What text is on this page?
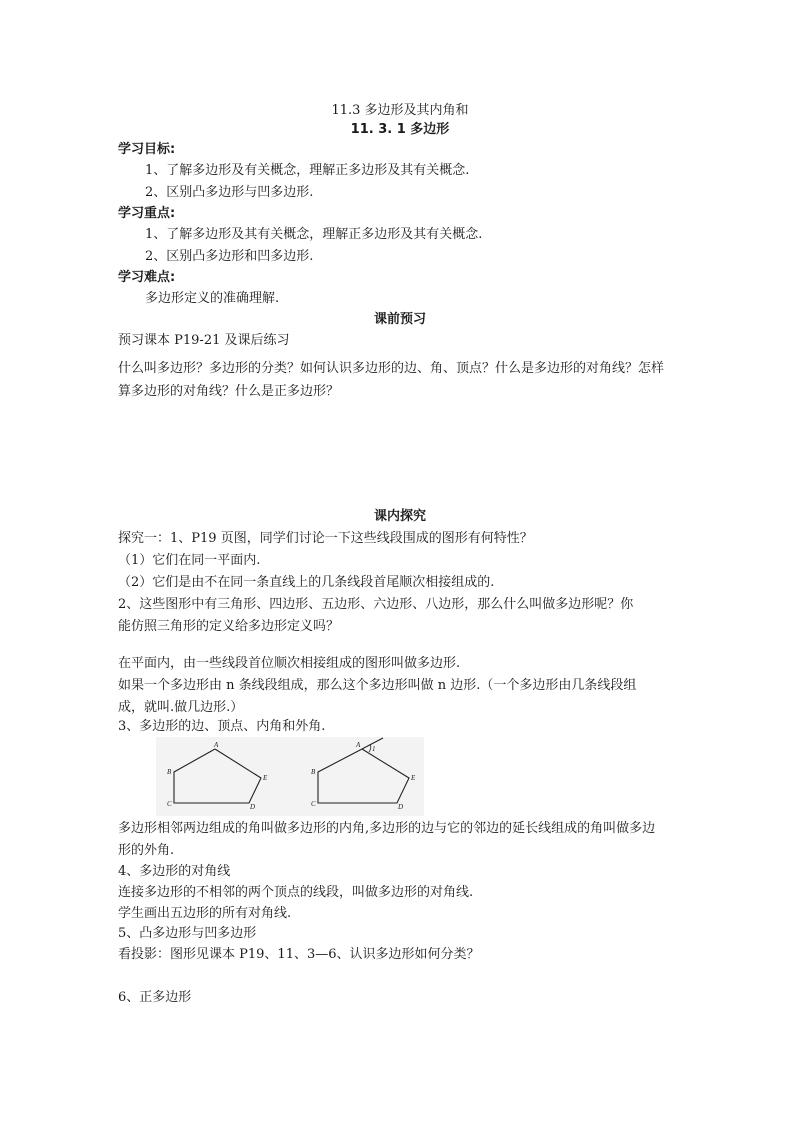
11.3 多边形及其内角和
11. 3. 1 多边形
学习目标:
1、了解多边形及有关概念，理解正多边形及其有关概念.
2、区别凸多边形与凹多边形.
学习重点:
1、了解多边形及其有关概念，理解正多边形及其有关概念.
2、区别凸多边形和凹多边形.
学习难点:
多边形定义的准确理解.
课前预习
预习课本 P19-21 及课后练习
什么叫多边形？多边形的分类？如何认识多边形的边、角、顶点？什么是多边形的对角线？怎样
算多边形的对角线？什么是正多边形？
课内探究
探究一：1、P19 页图，同学们讨论一下这些线段围成的图形有何特性？
（1）它们在同一平面内.
（2）它们是由不在同一条直线上的几条线段首尾顺次相接组成的.
2、这些图形中有三角形、四边形、五边形、六边形、八边形，那么什么叫做多边形呢？你
能仿照三角形的定义给多边形定义吗？
在平面内，由一些线段首位顺次相接组成的图形叫做多边形.
如果一个多边形由 n 条线段组成，那么这个多边形叫做 n 边形.（一个多边形由几条线段组
成，就叫.做几边形.）
3、多边形的边、顶点、内角和外角.
A
B
C	D
E
A 1
B
C	D
E
多边形相邻两边组成的角叫做多边形的内角,多边形的边与它的邻边的延长线组成的角叫做多边
形的外角.
4、多边形的对角线
连接多边形的不相邻的两个顶点的线段，叫做多边形的对角线.
学生画出五边形的所有对角线.
5、凸多边形与凹多边形
看投影：图形见课本 P19、11、3—6、认识多边形如何分类？
6、正多边形
